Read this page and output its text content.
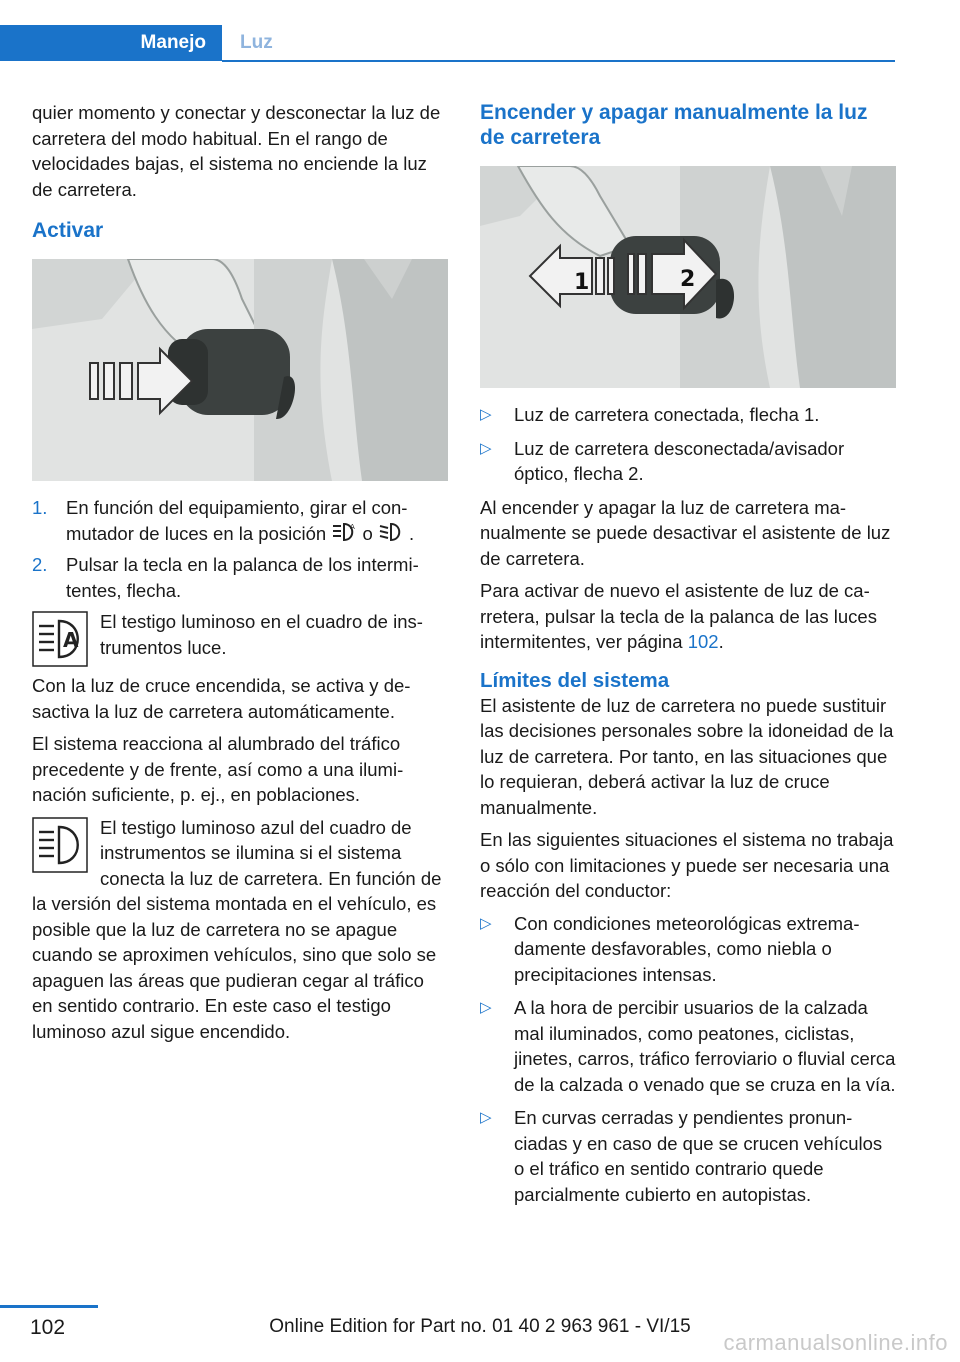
Manejo	Luz

quier momento y conectar y desconectar la luz de carretera del modo habitual. En el rango de velocidades bajas, el sistema no enciende la luz de carretera.

Activar
1. En función del equipamiento, girar el conmutador de luces en la posición	A o .
2. Pulsar la tecla en la palanca de los intermitentes, flecha.
A
El testigo luminoso en el cuadro de instrumentos luce.

Con la luz de cruce encendida, se activa y desactiva la luz de carretera automáticamente.

El sistema reacciona al alumbrado del tráfico precedente y de frente, así como a una iluminación suficiente, p. ej., en poblaciones.

El testigo luminoso azul del cuadro de instrumentos se ilumina si el sistema conecta la luz de carretera. En función de la versión del sistema montada en el vehículo, es posible que la luz de carretera no se apague cuando se aproximen vehículos, sino que solo se apaguen las áreas que pudieran cegar al tráfico en sentido contrario. En este caso el testigo luminoso azul sigue encendido.
Encender y apagar manualmente la luz de carretera
1	2
▷ Luz de carretera conectada, flecha 1.
▷ Luz de carretera desconectada/avisador óptico, flecha 2.

Al encender y apagar la luz de carretera manualmente se puede desactivar el asistente de luz de carretera.

Para activar de nuevo el asistente de luz de carretera, pulsar la tecla de la palanca de las luces intermitentes, ver página 102.

Límites del sistema

El asistente de luz de carretera no puede sustituir las decisiones personales sobre la idoneidad de la luz de carretera. Por tanto, en las situaciones que lo requieran, deberá activar la luz de cruce manualmente.

En las siguientes situaciones el sistema no trabaja o sólo con limitaciones y puede ser necesaria una reacción del conductor:

▷ Con condiciones meteorológicas extremadamente desfavorables, como niebla o precipitaciones intensas.
▷ A la hora de percibir usuarios de la calzada mal iluminados, como peatones, ciclistas, jinetes, carros, tráfico ferroviario o fluvial cerca de la calzada o venado que se cruza en la vía.
▷ En curvas cerradas y pendientes pronunciadas y en caso de que se crucen vehículos o el tráfico en sentido contrario quede parcialmente cubierto en autopistas.
102	Online Edition for Part no. 01 40 2 963 961 - VI/15
carmanualsonline.info
